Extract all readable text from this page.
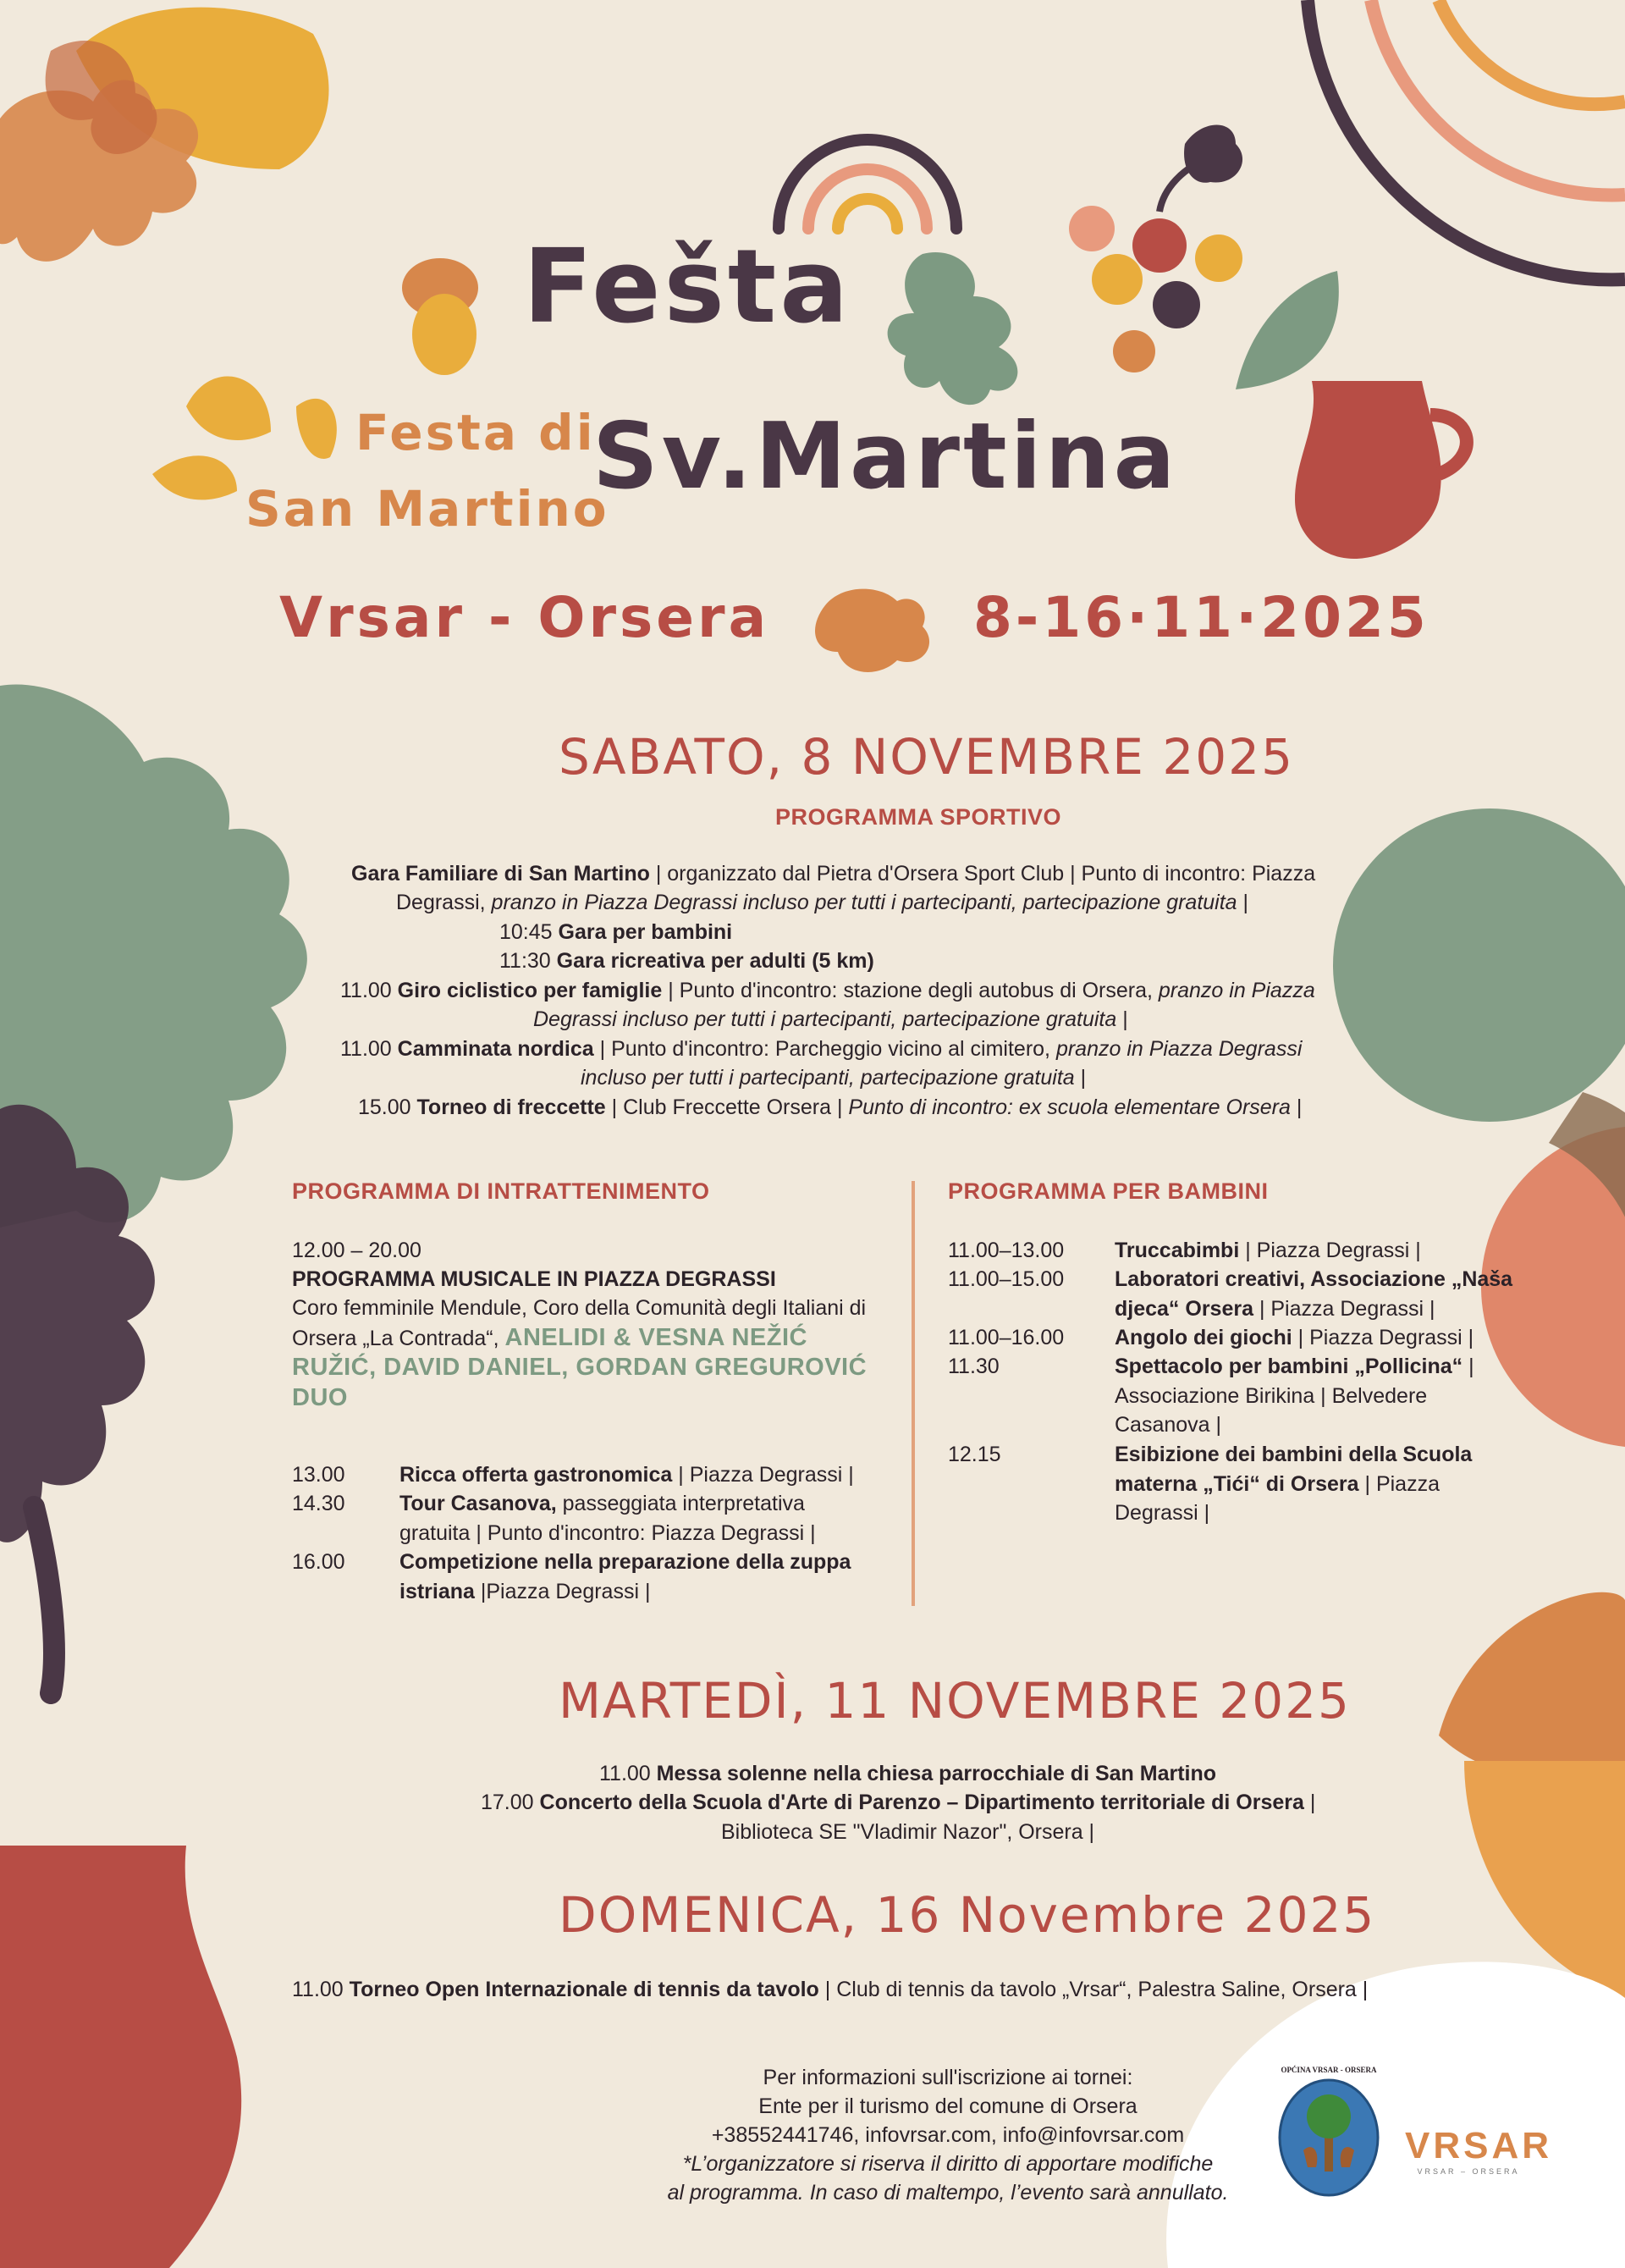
Fešta
Sv.Martina
Festa di
San Martino
Vrsar - Orsera	8-16·11·2025
SABATO, 8 NOVEMBRE 2025
PROGRAMMA SPORTIVO
Gara Familiare di San Martino | organizzato dal Pietra d'Orsera Sport Club | Punto di incontro: Piazza
Degrassi, pranzo in Piazza Degrassi incluso per tutti i partecipanti, partecipazione gratuita |
10:45 Gara per bambini
11:30 Gara ricreativa per adulti (5 km)
11.00 Giro ciclistico per famiglie | Punto d'incontro: stazione degli autobus di Orsera, pranzo in Piazza
Degrassi incluso per tutti i partecipanti, partecipazione gratuita |
11.00 Camminata nordica | Punto d'incontro: Parcheggio vicino al cimitero, pranzo in Piazza Degrassi
incluso per tutti i partecipanti, partecipazione gratuita |
15.00 Torneo di freccette | Club Freccette Orsera | Punto di incontro: ex scuola elementare Orsera |
PROGRAMMA DI INTRATTENIMENTO
12.00 – 20.00
PROGRAMMA MUSICALE IN PIAZZA DEGRASSI
Coro femminile Mendule, Coro della Comunità degli Italiani di Orsera „La Contrada“, ANELIDI & VESNA NEŽIĆ RUŽIĆ, DAVID DANIEL, GORDAN GREGUROVIĆ DUO
13.00	Ricca offerta gastronomica | Piazza Degrassi |
14.30	Tour Casanova, passeggiata interpretativa gratuita | Punto d'incontro: Piazza Degrassi |
16.00	Competizione nella preparazione della zuppa istriana |Piazza Degrassi |
PROGRAMMA PER BAMBINI
11.00–13.00 Truccabimbi | Piazza Degrassi |
11.00–15.00 Laboratori creativi, Associazione „Naša djeca“ Orsera | Piazza Degrassi |
11.00–16.00 Angolo dei giochi | Piazza Degrassi |
11.30	Spettacolo per bambini „Pollicina“ | Associazione Birikina | Belvedere Casanova |
12.15	Esibizione dei bambini della Scuola materna „Tići“ di Orsera | Piazza Degrassi |
MARTEDÌ, 11 NOVEMBRE 2025
11.00 Messa solenne nella chiesa parrocchiale di San Martino
17.00 Concerto della Scuola d'Arte di Parenzo – Dipartimento territoriale di Orsera |
Biblioteca SE "Vladimir Nazor", Orsera |
DOMENICA, 16 Novembre 2025
11.00 Torneo Open Internazionale di tennis da tavolo | Club di tennis da tavolo „Vrsar“, Palestra Saline, Orsera |
Per informazioni sull'iscrizione ai tornei:
Ente per il turismo del comune di Orsera
+38552441746, infovrsar.com, info@infovrsar.com
*L’organizzatore si riserva il diritto di apportare modifiche
al programma. In caso di maltempo, l’evento sarà annullato.
OPĆINA VRSAR - ORSERA
VRSAR
VRSAR – ORSERA
